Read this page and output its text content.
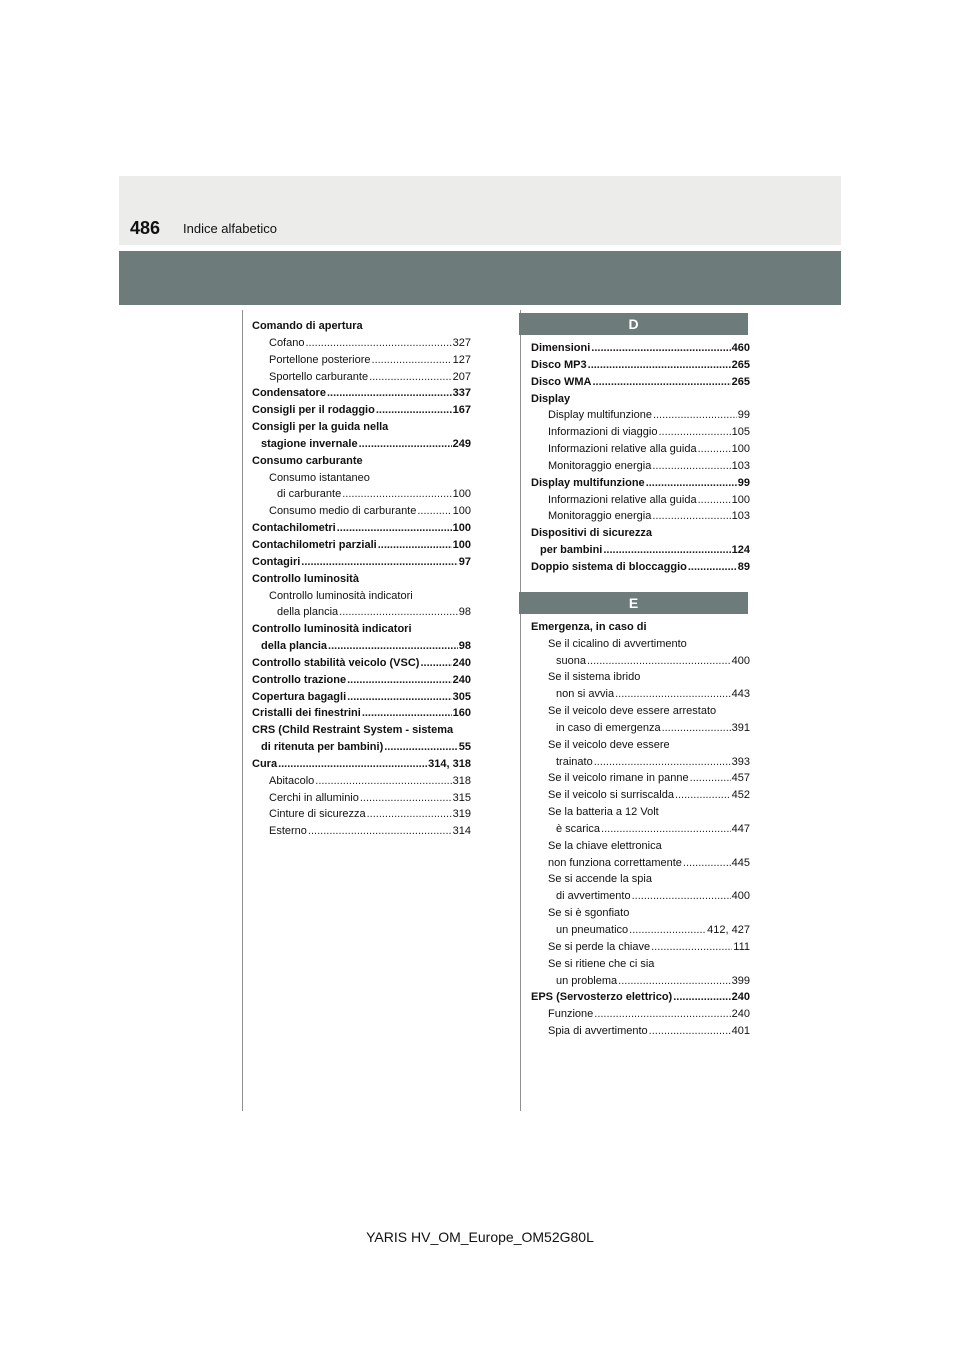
486 Indice alfabetico
Comando di apertura
Cofano .....	327
Portellone posteriore .....	127
Sportello carburante .....	207
Condensatore .....	337
Consigli per il rodaggio .....	167
Consigli per la guida nella
stagione invernale .....	249
Consumo carburante
Consumo istantaneo
di carburante .....	100
Consumo medio di carburante .....	100
Contachilometri .....	100
Contachilometri parziali .....	100
Contagiri .....	97
Controllo luminosità
Controllo luminosità indicatori
della plancia .....	98
Controllo luminosità indicatori
della plancia .....	98
Controllo stabilità veicolo (VSC) .....	240
Controllo trazione .....	240
Copertura bagagli .....	305
Cristalli dei finestrini .....	160
CRS (Child Restraint System - sistema
di ritenuta per bambini) .....	55
Cura .....	314, 318
Abitacolo .....	318
Cerchi in alluminio .....	315
Cinture di sicurezza .....	319
Esterno .....	314
D
Dimensioni .....	460
Disco MP3 .....	265
Disco WMA .....	265
Display
Display multifunzione .....	99
Informazioni di viaggio .....	105
Informazioni relative alla guida .....	100
Monitoraggio energia .....	103
Display multifunzione .....	99
Informazioni relative alla guida .....	100
Monitoraggio energia .....	103
Dispositivi di sicurezza
per bambini .....	124
Doppio sistema di bloccaggio .....	89
E
Emergenza, in caso di
Se il cicalino di avvertimento
suona .....	400
Se il sistema ibrido
non si avvia .....	443
Se il veicolo deve essere arrestato
in caso di emergenza .....	391
Se il veicolo deve essere
trainato .....	393
Se il veicolo rimane in panne .....	457
Se il veicolo si surriscalda .....	452
Se la batteria a 12 Volt
è scarica .....	447
Se la chiave elettronica
non funziona correttamente .....	445
Se si accende la spia
di avvertimento .....	400
Se si è sgonfiato
un pneumatico .....	412, 427
Se si perde la chiave .....	111
Se si ritiene che ci sia
un problema .....	399
EPS (Servosterzo elettrico) .....	240
Funzione .....	240
Spia di avvertimento .....	401
YARIS HV_OM_Europe_OM52G80L
